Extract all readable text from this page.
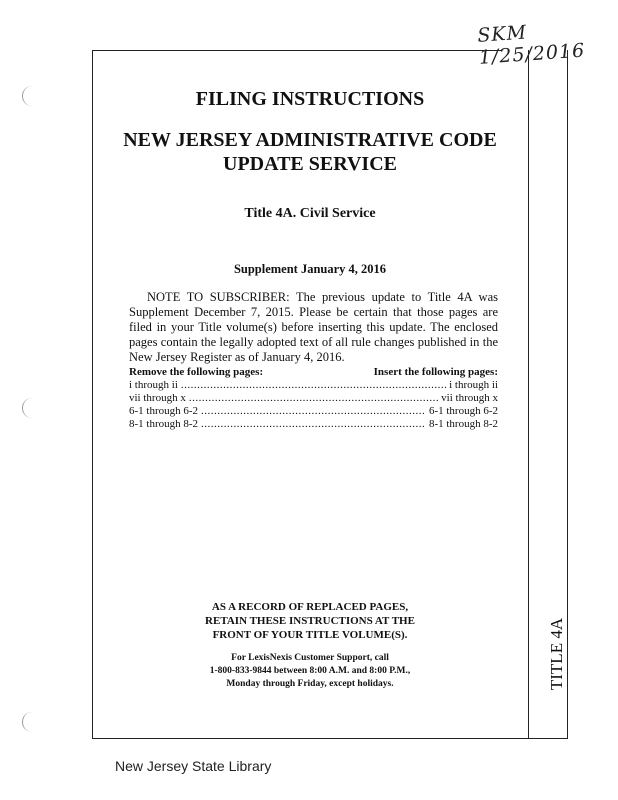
SKM 1/25/2016
TITLE 4A
FILING INSTRUCTIONS
NEW JERSEY ADMINISTRATIVE CODE
UPDATE SERVICE
Title 4A. Civil Service
Supplement January 4, 2016
NOTE TO SUBSCRIBER: The previous update to Title 4A was Supplement December 7, 2015. Please be certain that those pages are filed in your Title volume(s) before inserting this update. The enclosed pages contain the legally adopted text of all rule changes published in the New Jersey Register as of January 4, 2016.
Remove the following pages:	Insert the following pages:
i through ii .....	i through ii
vii through x .....	vii through x
6-1 through 6-2 .....	6-1 through 6-2
8-1 through 8-2 .....	8-1 through 8-2
AS A RECORD OF REPLACED PAGES,
RETAIN THESE INSTRUCTIONS AT THE
FRONT OF YOUR TITLE VOLUME(S).
For LexisNexis Customer Support, call
1-800-833-9844 between 8:00 A.M. and 8:00 P.M.,
Monday through Friday, except holidays.
New Jersey State Library
